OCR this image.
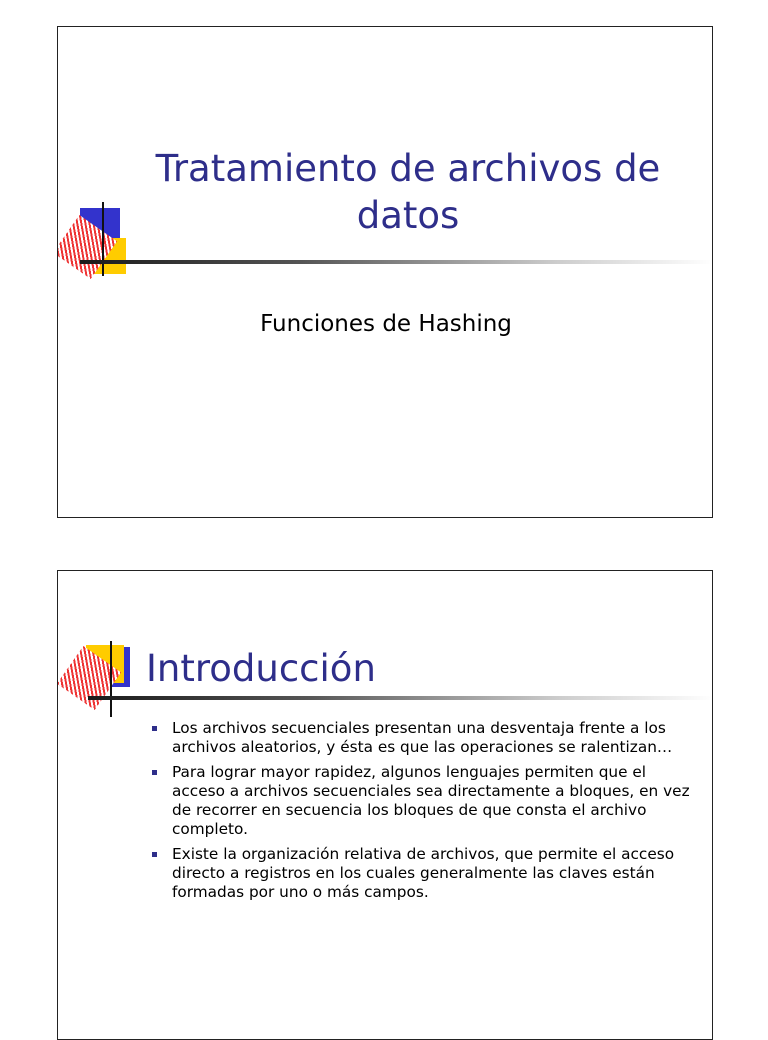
Tratamiento de archivos de datos
Funciones de Hashing
Introducción
Los archivos secuenciales presentan una desventaja frente a los archivos aleatorios, y ésta es que las operaciones se ralentizan…
Para lograr mayor rapidez, algunos lenguajes permiten que el acceso a archivos secuenciales sea directamente a bloques, en vez de recorrer en secuencia los bloques de que consta el archivo completo.
Existe la organización relativa de archivos, que permite el acceso directo a registros en los cuales generalmente las claves están formadas por uno o más campos.
